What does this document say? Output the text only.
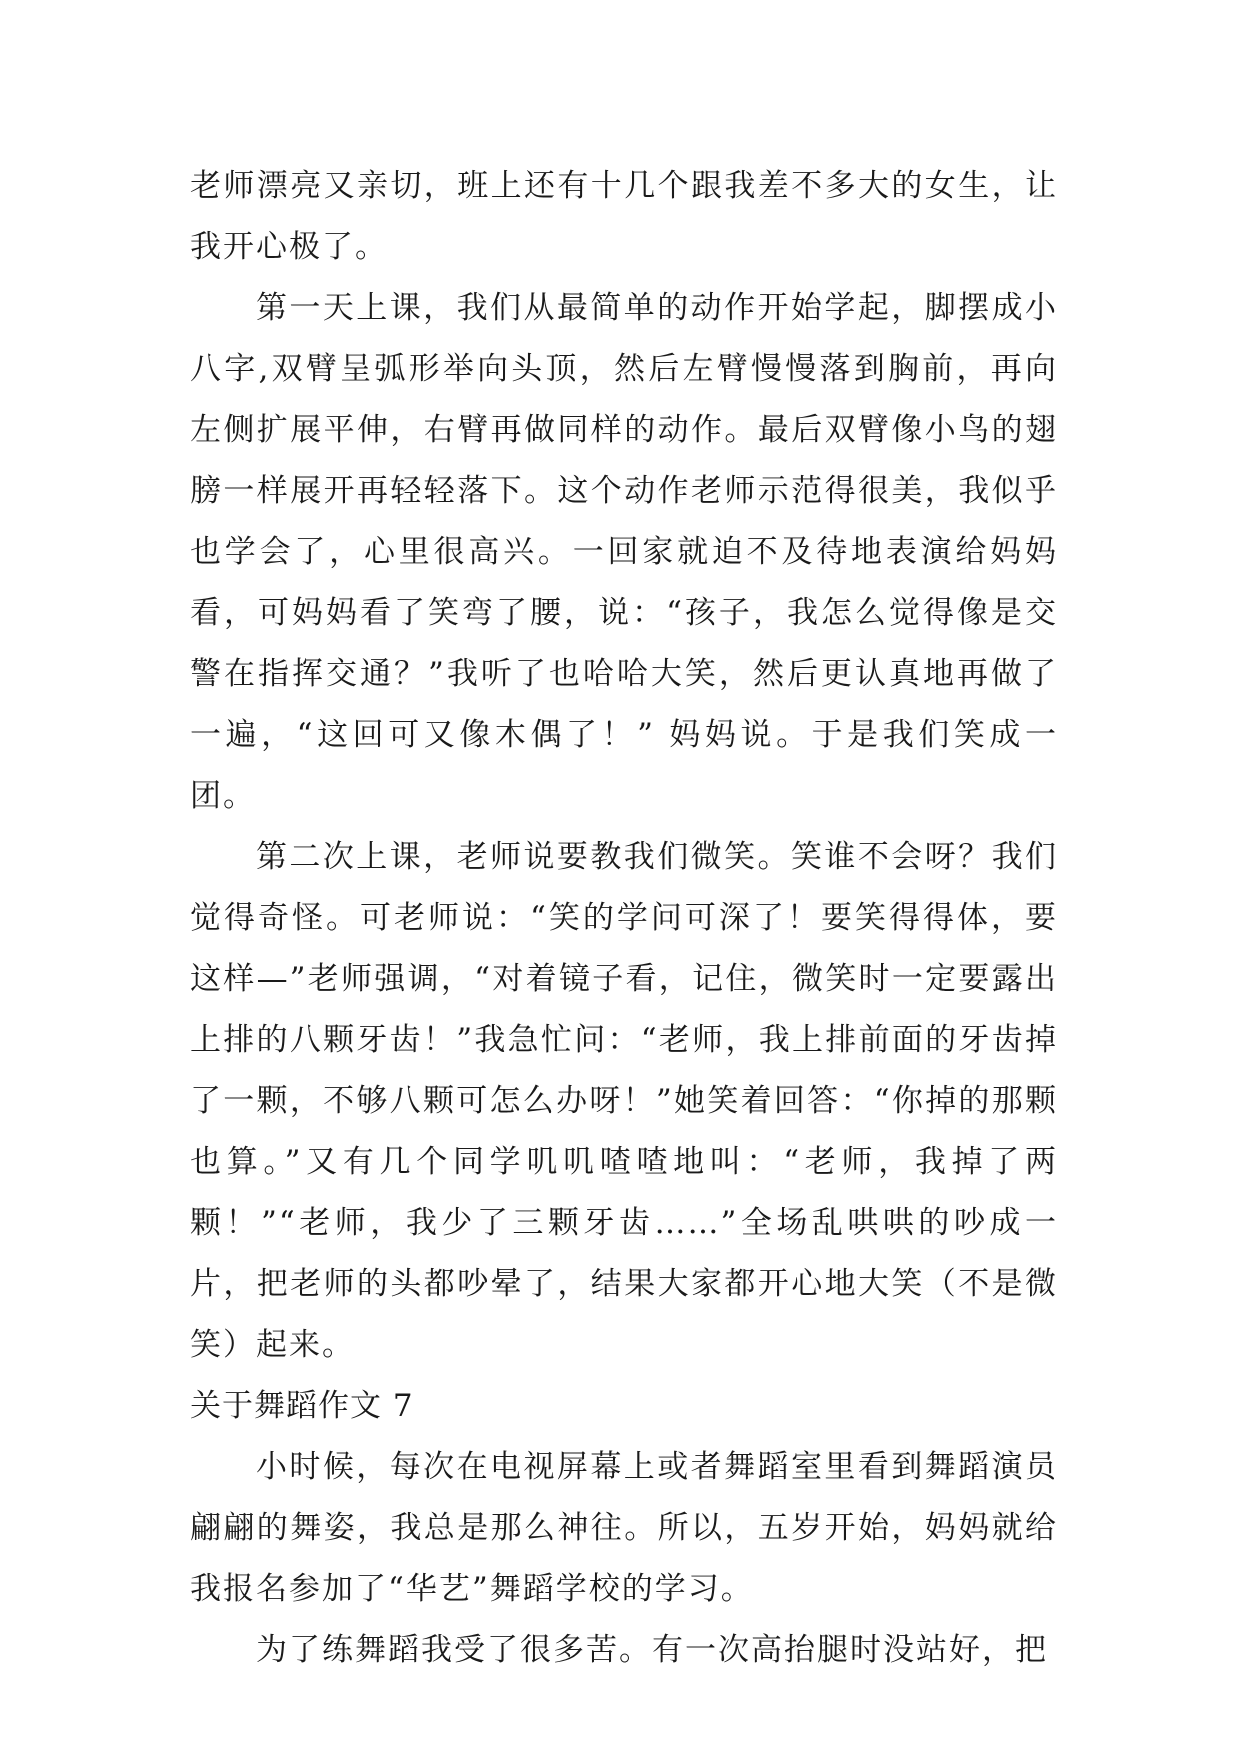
老师漂亮又亲切，班上还有十几个跟我差不多大的女生，让我开心极了。

第一天上课，我们从最简单的动作开始学起，脚摆成小八字,双臂呈弧形举向头顶，然后左臂慢慢落到胸前，再向左侧扩展平伸，右臂再做同样的动作。最后双臂像小鸟的翅膀一样展开再轻轻落下。这个动作老师示范得很美，我似乎也学会了，心里很高兴。一回家就迫不及待地表演给妈妈看，可妈妈看了笑弯了腰，说：“孩子，我怎么觉得像是交警在指挥交通？”我听了也哈哈大笑，然后更认真地再做了一遍，“这回可又像木偶了！” 妈妈说。于是我们笑成一团。

第二次上课，老师说要教我们微笑。笑谁不会呀？我们觉得奇怪。可老师说：“笑的学问可深了！要笑得得体，要这样—”老师强调，“对着镜子看，记住，微笑时一定要露出上排的八颗牙齿！”我急忙问：“老师，我上排前面的牙齿掉了一颗，不够八颗可怎么办呀！”她笑着回答：“你掉的那颗也算。”又有几个同学叽叽喳喳地叫：“老师，我掉了两颗！”“老师，我少了三颗牙齿……”全场乱哄哄的吵成一片，把老师的头都吵晕了，结果大家都开心地大笑（不是微笑）起来。

关于舞蹈作文 7

小时候，每次在电视屏幕上或者舞蹈室里看到舞蹈演员翩翩的舞姿，我总是那么神往。所以，五岁开始，妈妈就给我报名参加了“华艺”舞蹈学校的学习。

为了练舞蹈我受了很多苦。有一次高抬腿时没站好，把
